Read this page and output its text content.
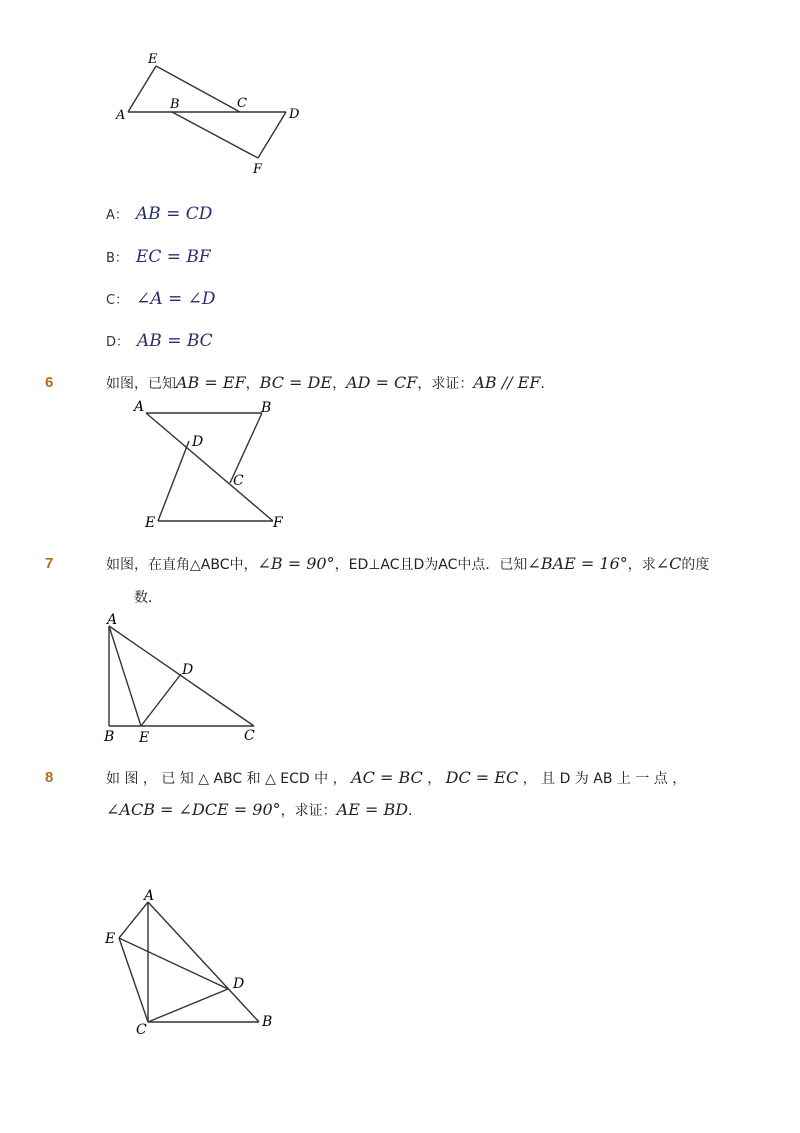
E
A
B	C
D
F
A： AB = CD
B： EC = BF
C： ∠A = ∠D
D： AB = BC
6	如图，已知AB = EF，BC = DE，AD = CF，求证：AB // EF.
A	B
D
C
E	F
7	如图，在直角△ABC中，∠B = 90°，ED⊥AC且D为AC中点．已知∠BAE = 16°，求∠C的度
数．
A
D
B E	C
8	如 图 ， 已 知 △ ABC 和 △ ECD 中 ， AC = BC ， DC = EC ， 且 D 为 AB 上 一 点 ，
∠ACB = ∠DCE = 90°，求证：AE = BD.
A
E
D
C	B
